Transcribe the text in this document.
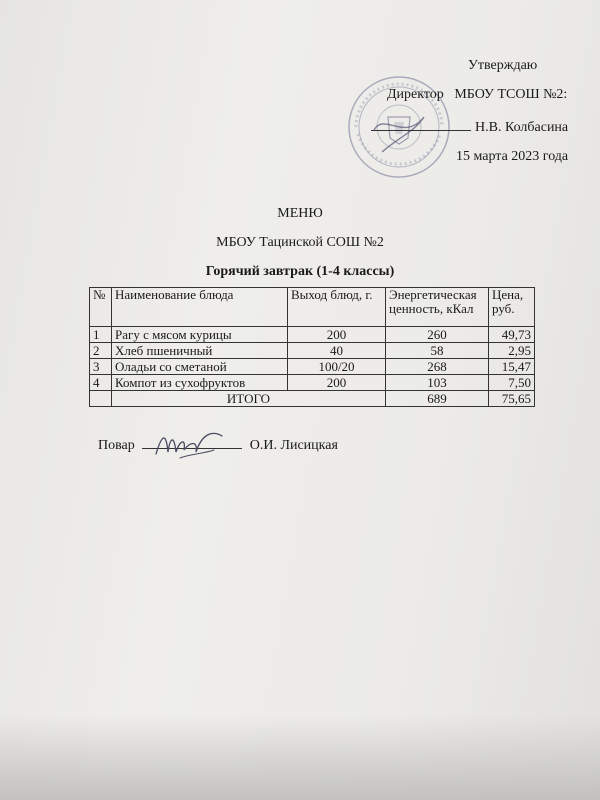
Утверждаю
Директор МБОУ ТСОШ №2:
Н.В. Колбасина
15 марта 2023 года
МЕНЮ
МБОУ Тацинской СОШ №2
Горячий завтрак (1-4 классы)
№	Наименование блюда	Выход блюд, г.	Энергетическая ценность, кКал	Цена, руб.
1	Рагу с мясом курицы	200	260	49,73
2	Хлеб пшеничный	40	58	2,95
3	Оладьи со сметаной	100/20	268	15,47
4	Компот из сухофруктов	200	103	7,50
	ИТОГО		689	75,65
Повар	О.И. Лисицкая
